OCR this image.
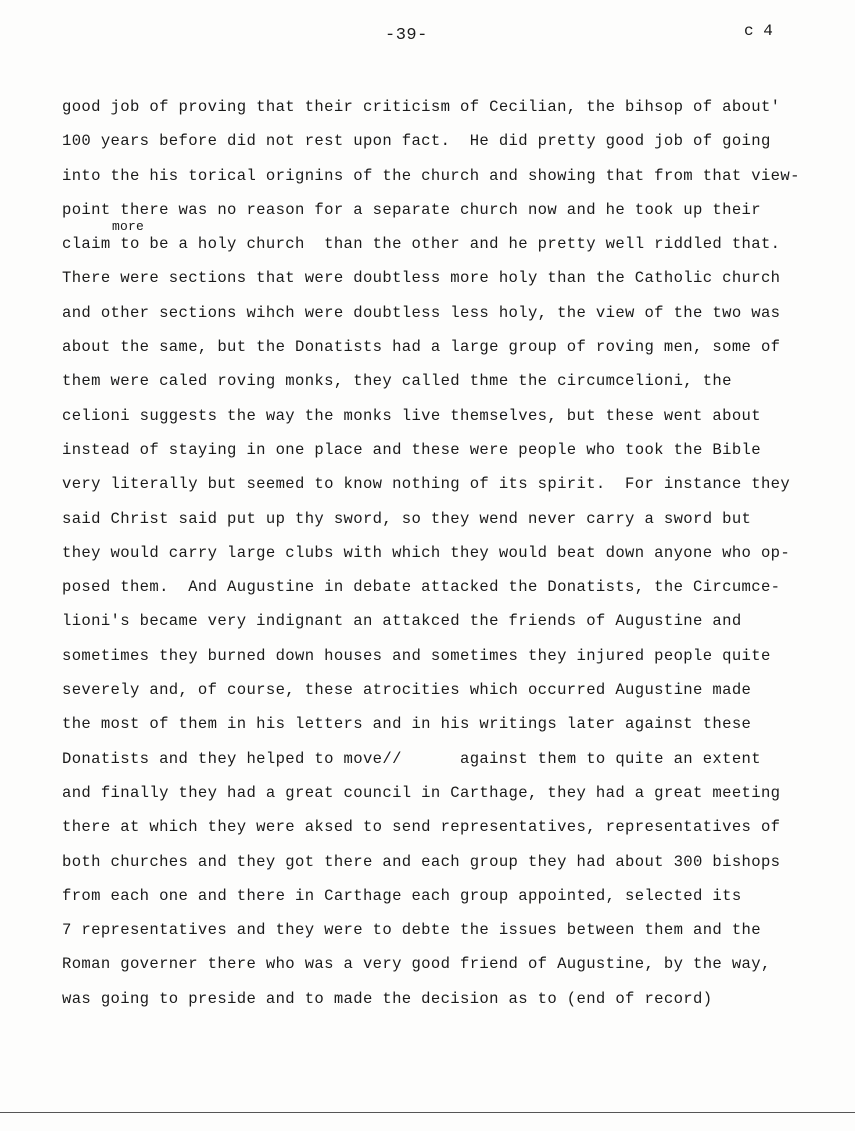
-39-	c 4
more
good job of proving that their criticism of Cecilian, the bihsop of about'
100 years before did not rest upon fact.  He did pretty good job of going
into the his torical orignins of the church and showing that from that view-
point there was no reason for a separate church now and he took up their
claim to be a holy church  than the other and he pretty well riddled that.
There were sections that were doubtless more holy than the Catholic church
and other sections wihch were doubtless less holy, the view of the two was
about the same, but the Donatists had a large group of roving men, some of
them were caled roving monks, they called thme the circumcelioni, the
celioni suggests the way the monks live themselves, but these went about
instead of staying in one place and these were people who took the Bible
very literally but seemed to know nothing of its spirit.  For instance they
said Christ said put up thy sword, so they wend never carry a sword but
they would carry large clubs with which they would beat down anyone who op-
posed them.  And Augustine in debate attacked the Donatists, the Circumce-
lioni's became very indignant an attakced the friends of Augustine and
sometimes they burned down houses and sometimes they injured people quite
severely and, of course, these atrocities which occurred Augustine made
the most of them in his letters and in his writings later against these
Donatists and they helped to move//      against them to quite an extent
and finally they had a great council in Carthage, they had a great meeting
there at which they were aksed to send representatives, representatives of
both churches and they got there and each group they had about 300 bishops
from each one and there in Carthage each group appointed, selected its
7 representatives and they were to debte the issues between them and the
Roman governer there who was a very good friend of Augustine, by the way,
was going to preside and to made the decision as to (end of record)
